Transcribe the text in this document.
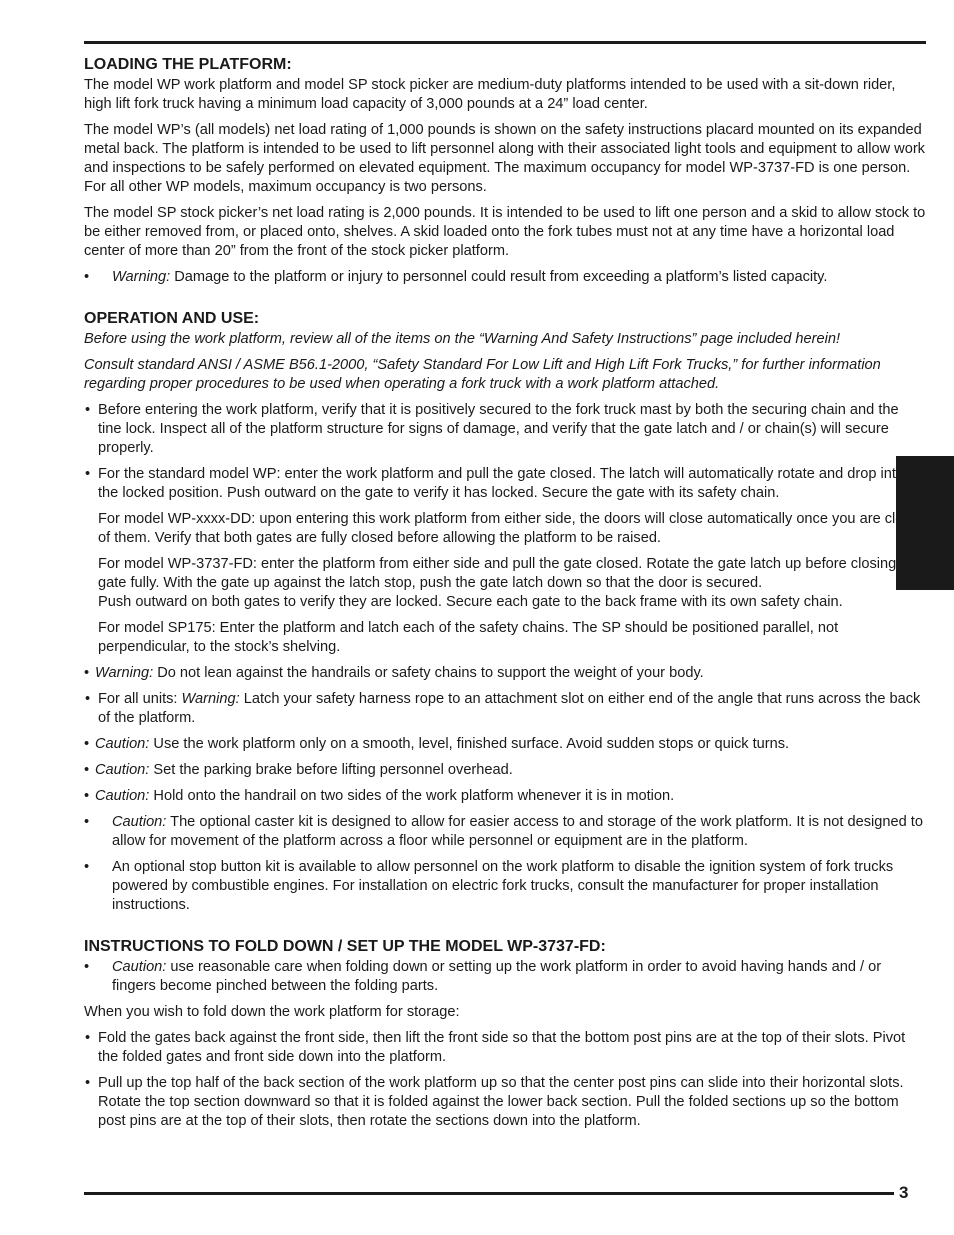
LOADING THE PLATFORM:

The model WP work platform and model SP stock picker are medium-duty platforms intended to be used with a sit-down rider, high lift fork truck having a minimum load capacity of 3,000 pounds at a 24” load center.

The model WP’s (all models) net load rating of 1,000 pounds is shown on the safety instructions placard mounted on its expanded metal back. The platform is intended to be used to lift personnel along with their associated light tools and equipment to allow work and inspections to be safely performed on elevated equipment. The maximum occupancy for model WP-3737-FD is one person. For all other WP models, maximum occupancy is two persons.

The model SP stock picker’s net load rating is 2,000 pounds. It is intended to be used to lift one person and a skid to allow stock to be either removed from, or placed onto, shelves. A skid loaded onto the fork tubes must not at any time have a horizontal load center of more than 20” from the front of the stock picker platform.

• Warning: Damage to the platform or injury to personnel could result from exceeding a platform’s listed capacity.
OPERATION AND USE:

Before using the work platform, review all of the items on the “Warning And Safety Instructions” page included herein!

Consult standard ANSI / ASME B56.1-2000, “Safety Standard For Low Lift and High Lift Fork Trucks,” for further information regarding proper procedures to be used when operating a fork truck with a work platform attached.

• Before entering the work platform, verify that it is positively secured to the fork truck mast by both the securing chain and the tine lock. Inspect all of the platform structure for signs of damage, and verify that the gate latch and / or chain(s) will secure properly.
• For the standard model WP: enter the work platform and pull the gate closed. The latch will automatically rotate and drop into the locked position. Push outward on the gate to verify it has locked. Secure the gate with its safety chain.
For model WP-xxxx-DD: upon entering this work platform from either side, the doors will close automatically once you are clear of them. Verify that both gates are fully closed before allowing the platform to be raised.
For model WP-3737-FD: enter the platform from either side and pull the gate closed. Rotate the gate latch up before closing the gate fully. With the gate up against the latch stop, push the gate latch down so that the door is secured.
Push outward on both gates to verify they are locked. Secure each gate to the back frame with its own safety chain.
For model SP175: Enter the platform and latch each of the safety chains. The SP should be positioned parallel, not perpendicular, to the stock’s shelving.
• Warning: Do not lean against the handrails or safety chains to support the weight of your body.
• For all units: Warning: Latch your safety harness rope to an attachment slot on either end of the angle that runs across the back of the platform.
• Caution: Use the work platform only on a smooth, level, finished surface. Avoid sudden stops or quick turns.
• Caution: Set the parking brake before lifting personnel overhead.
• Caution: Hold onto the handrail on two sides of the work platform whenever it is in motion.
• Caution: The optional caster kit is designed to allow for easier access to and storage of the work platform. It is not designed to allow for movement of the platform across a floor while personnel or equipment are in the platform.
• An optional stop button kit is available to allow personnel on the work platform to disable the ignition system of fork trucks powered by combustible engines. For installation on electric fork trucks, consult the manufacturer for proper installation instructions.
INSTRUCTIONS TO FOLD DOWN / SET UP THE MODEL WP-3737-FD:
• Caution: use reasonable care when folding down or setting up the work platform in order to avoid having hands and / or fingers become pinched between the folding parts.

When you wish to fold down the work platform for storage:

• Fold the gates back against the front side, then lift the front side so that the bottom post pins are at the top of their slots. Pivot the folded gates and front side down into the platform.
• Pull up the top half of the back section of the work platform up so that the center post pins can slide into their horizontal slots. Rotate the top section downward so that it is folded against the lower back section. Pull the folded sections up so the bottom post pins are at the top of their slots, then rotate the sections down into the platform.
3
